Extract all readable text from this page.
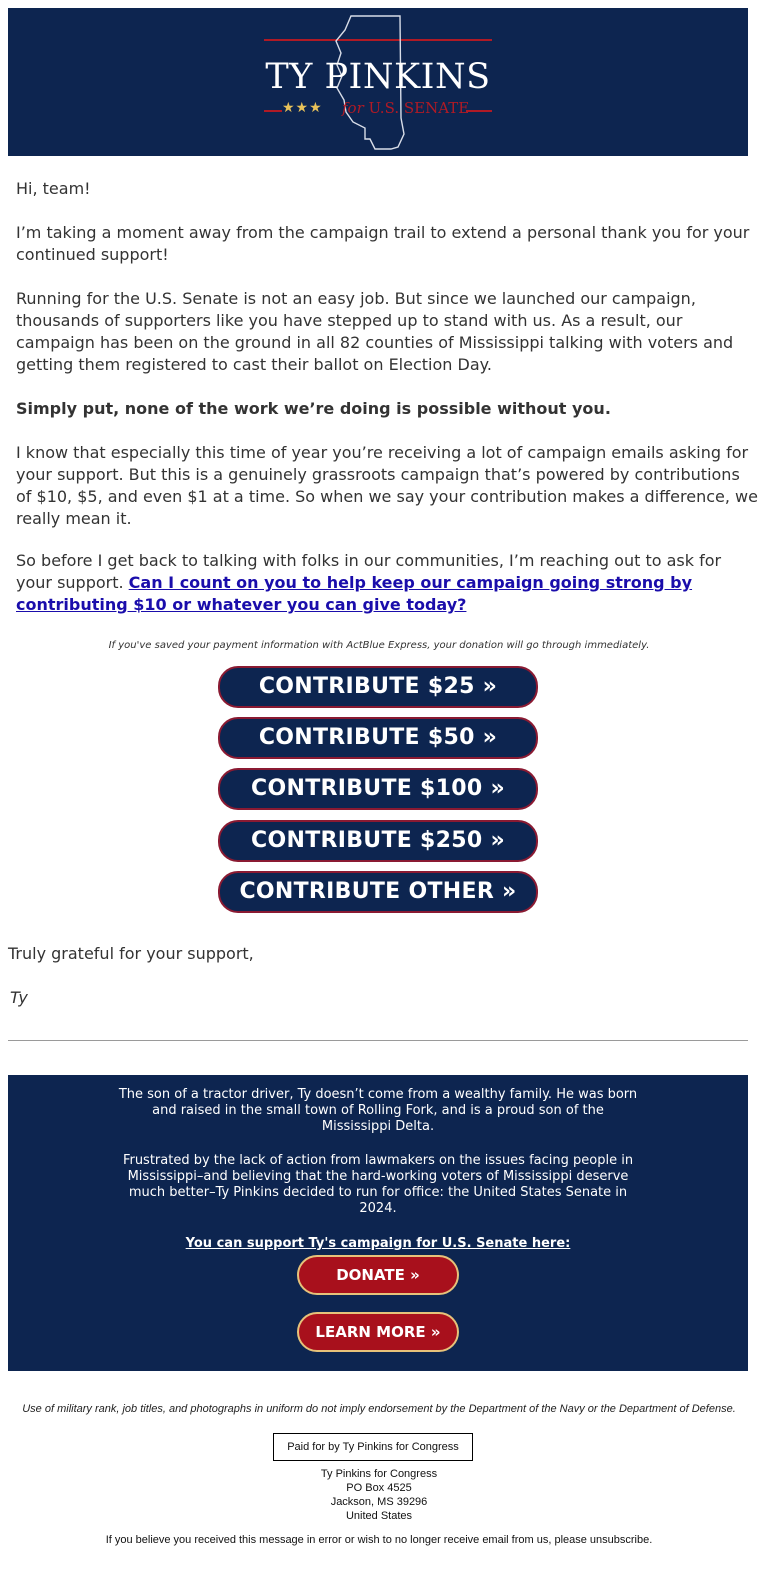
TY PINKINS
★★★ for U.S. SENATE

Hi, team!

I’m taking a moment away from the campaign trail to extend a personal thank you for your continued support!

Running for the U.S. Senate is not an easy job. But since we launched our campaign, thousands of supporters like you have stepped up to stand with us. As a result, our campaign has been on the ground in all 82 counties of Mississippi talking with voters and getting them registered to cast their ballot on Election Day.

Simply put, none of the work we’re doing is possible without you.

I know that especially this time of year you’re receiving a lot of campaign emails asking for your support. But this is a genuinely grassroots campaign that’s powered by contributions of $10, $5, and even $1 at a time. So when we say your contribution makes a difference, we really mean it.

So before I get back to talking with folks in our communities, I’m reaching out to ask for your support. Can I count on you to help keep our campaign going strong by contributing $10 or whatever you can give today?

If you've saved your payment information with ActBlue Express, your donation will go through immediately.
CONTRIBUTE $25 »
CONTRIBUTE $50 »
CONTRIBUTE $100 »
CONTRIBUTE $250 »
CONTRIBUTE OTHER »
Truly grateful for your support,
Ty

The son of a tractor driver, Ty doesn’t come from a wealthy family. He was born and raised in the small town of Rolling Fork, and is a proud son of the Mississippi Delta.

Frustrated by the lack of action from lawmakers on the issues facing people in Mississippi–and believing that the hard-working voters of Mississippi deserve much better–Ty Pinkins decided to run for office: the United States Senate in 2024.

You can support Ty's campaign for U.S. Senate here:
DONATE »
LEARN MORE »
Use of military rank, job titles, and photographs in uniform do not imply endorsement by the Department of the Navy or the Department of Defense.
Paid for by Ty Pinkins for Congress
Ty Pinkins for Congress
PO Box 4525
Jackson, MS 39296
United States
If you believe you received this message in error or wish to no longer receive email from us, please unsubscribe.
